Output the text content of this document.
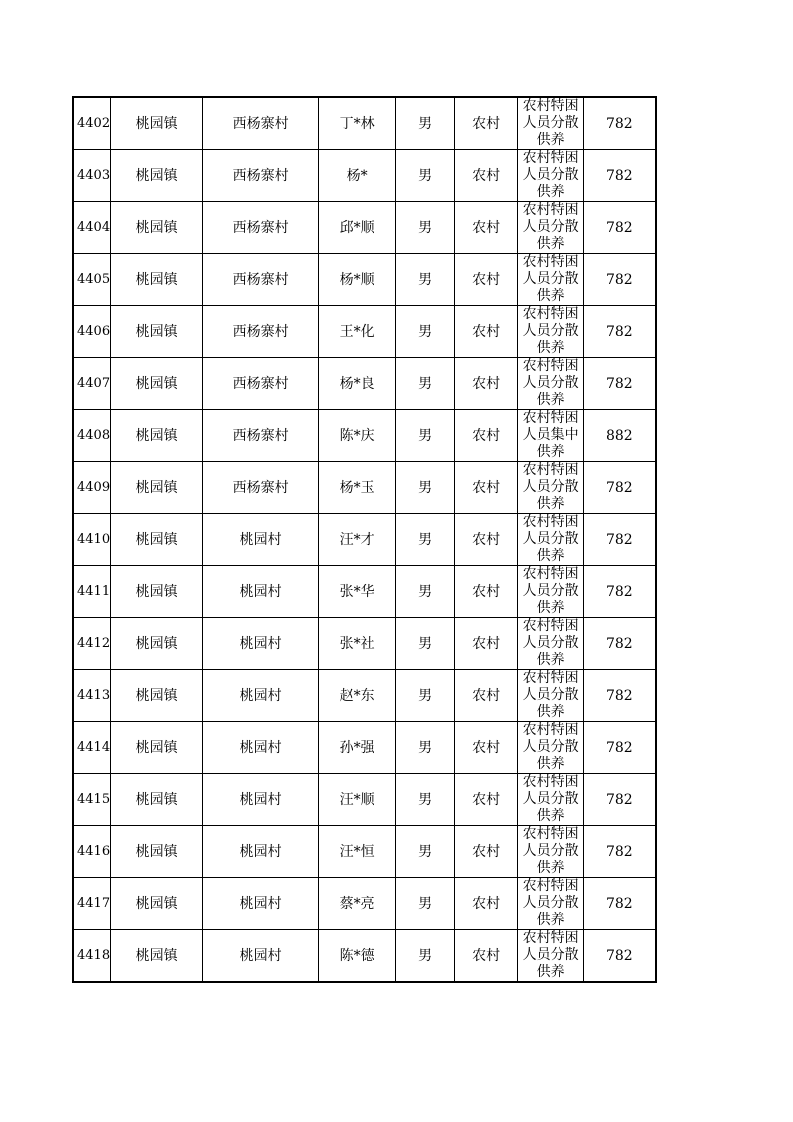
4402	桃园镇	西杨寨村	丁*林	男	农村	农村特困人员分散供养	782
4403	桃园镇	西杨寨村	杨*	男	农村	农村特困人员分散供养	782
4404	桃园镇	西杨寨村	邱*顺	男	农村	农村特困人员分散供养	782
4405	桃园镇	西杨寨村	杨*顺	男	农村	农村特困人员分散供养	782
4406	桃园镇	西杨寨村	王*化	男	农村	农村特困人员分散供养	782
4407	桃园镇	西杨寨村	杨*良	男	农村	农村特困人员分散供养	782
4408	桃园镇	西杨寨村	陈*庆	男	农村	农村特困人员集中供养	882
4409	桃园镇	西杨寨村	杨*玉	男	农村	农村特困人员分散供养	782
4410	桃园镇	桃园村	汪*才	男	农村	农村特困人员分散供养	782
4411	桃园镇	桃园村	张*华	男	农村	农村特困人员分散供养	782
4412	桃园镇	桃园村	张*社	男	农村	农村特困人员分散供养	782
4413	桃园镇	桃园村	赵*东	男	农村	农村特困人员分散供养	782
4414	桃园镇	桃园村	孙*强	男	农村	农村特困人员分散供养	782
4415	桃园镇	桃园村	汪*顺	男	农村	农村特困人员分散供养	782
4416	桃园镇	桃园村	汪*恒	男	农村	农村特困人员分散供养	782
4417	桃园镇	桃园村	蔡*亮	男	农村	农村特困人员分散供养	782
4418	桃园镇	桃园村	陈*德	男	农村	农村特困人员分散供养	782
